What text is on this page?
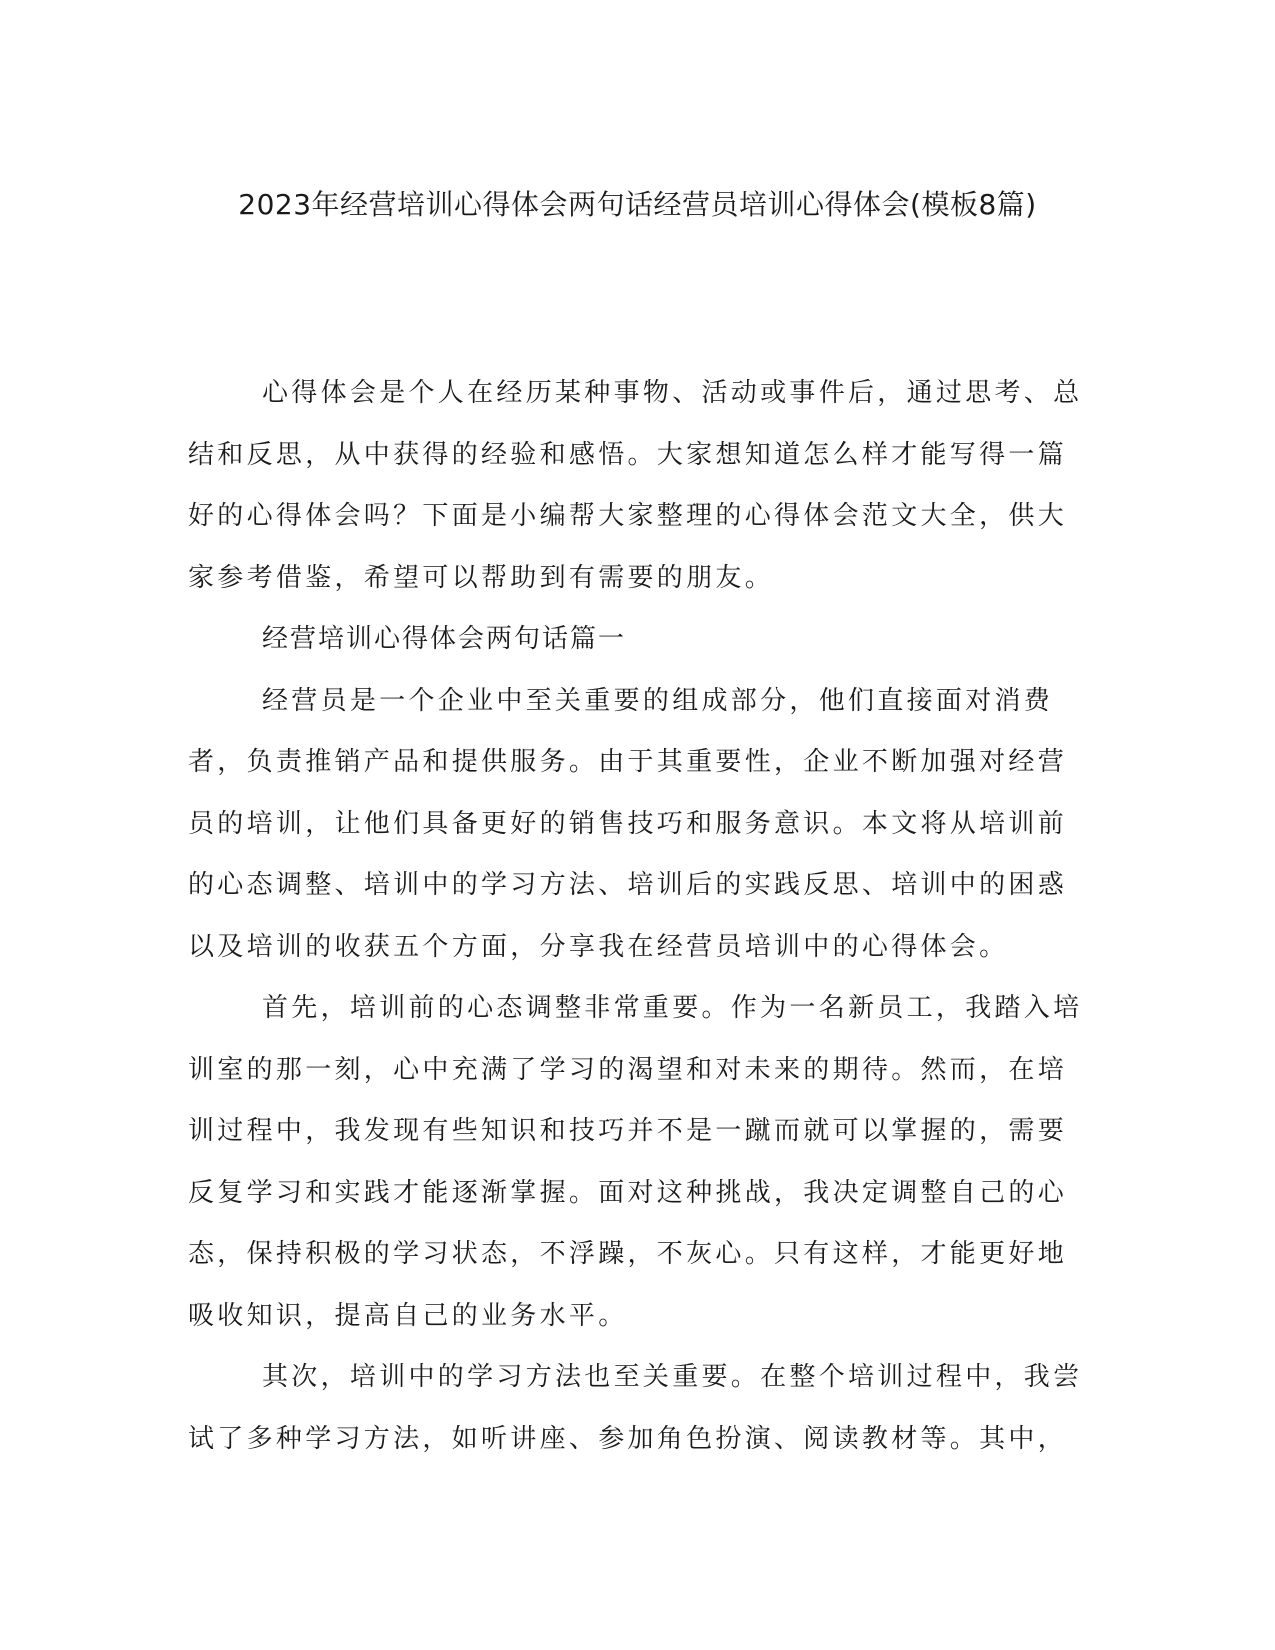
2023年经营培训心得体会两句话经营员培训心得体会(模板8篇)

心得体会是个人在经历某种事物、活动或事件后，通过思考、总结和反思，从中获得的经验和感悟。大家想知道怎么样才能写得一篇好的心得体会吗？下面是小编帮大家整理的心得体会范文大全，供大家参考借鉴，希望可以帮助到有需要的朋友。

经营培训心得体会两句话篇一

经营员是一个企业中至关重要的组成部分，他们直接面对消费者，负责推销产品和提供服务。由于其重要性，企业不断加强对经营员的培训，让他们具备更好的销售技巧和服务意识。本文将从培训前的心态调整、培训中的学习方法、培训后的实践反思、培训中的困惑以及培训的收获五个方面，分享我在经营员培训中的心得体会。

首先，培训前的心态调整非常重要。作为一名新员工，我踏入培训室的那一刻，心中充满了学习的渴望和对未来的期待。然而，在培训过程中，我发现有些知识和技巧并不是一蹴而就可以掌握的，需要反复学习和实践才能逐渐掌握。面对这种挑战，我决定调整自己的心态，保持积极的学习状态，不浮躁，不灰心。只有这样，才能更好地吸收知识，提高自己的业务水平。

其次，培训中的学习方法也至关重要。在整个培训过程中，我尝试了多种学习方法，如听讲座、参加角色扮演、阅读教材等。其中，
